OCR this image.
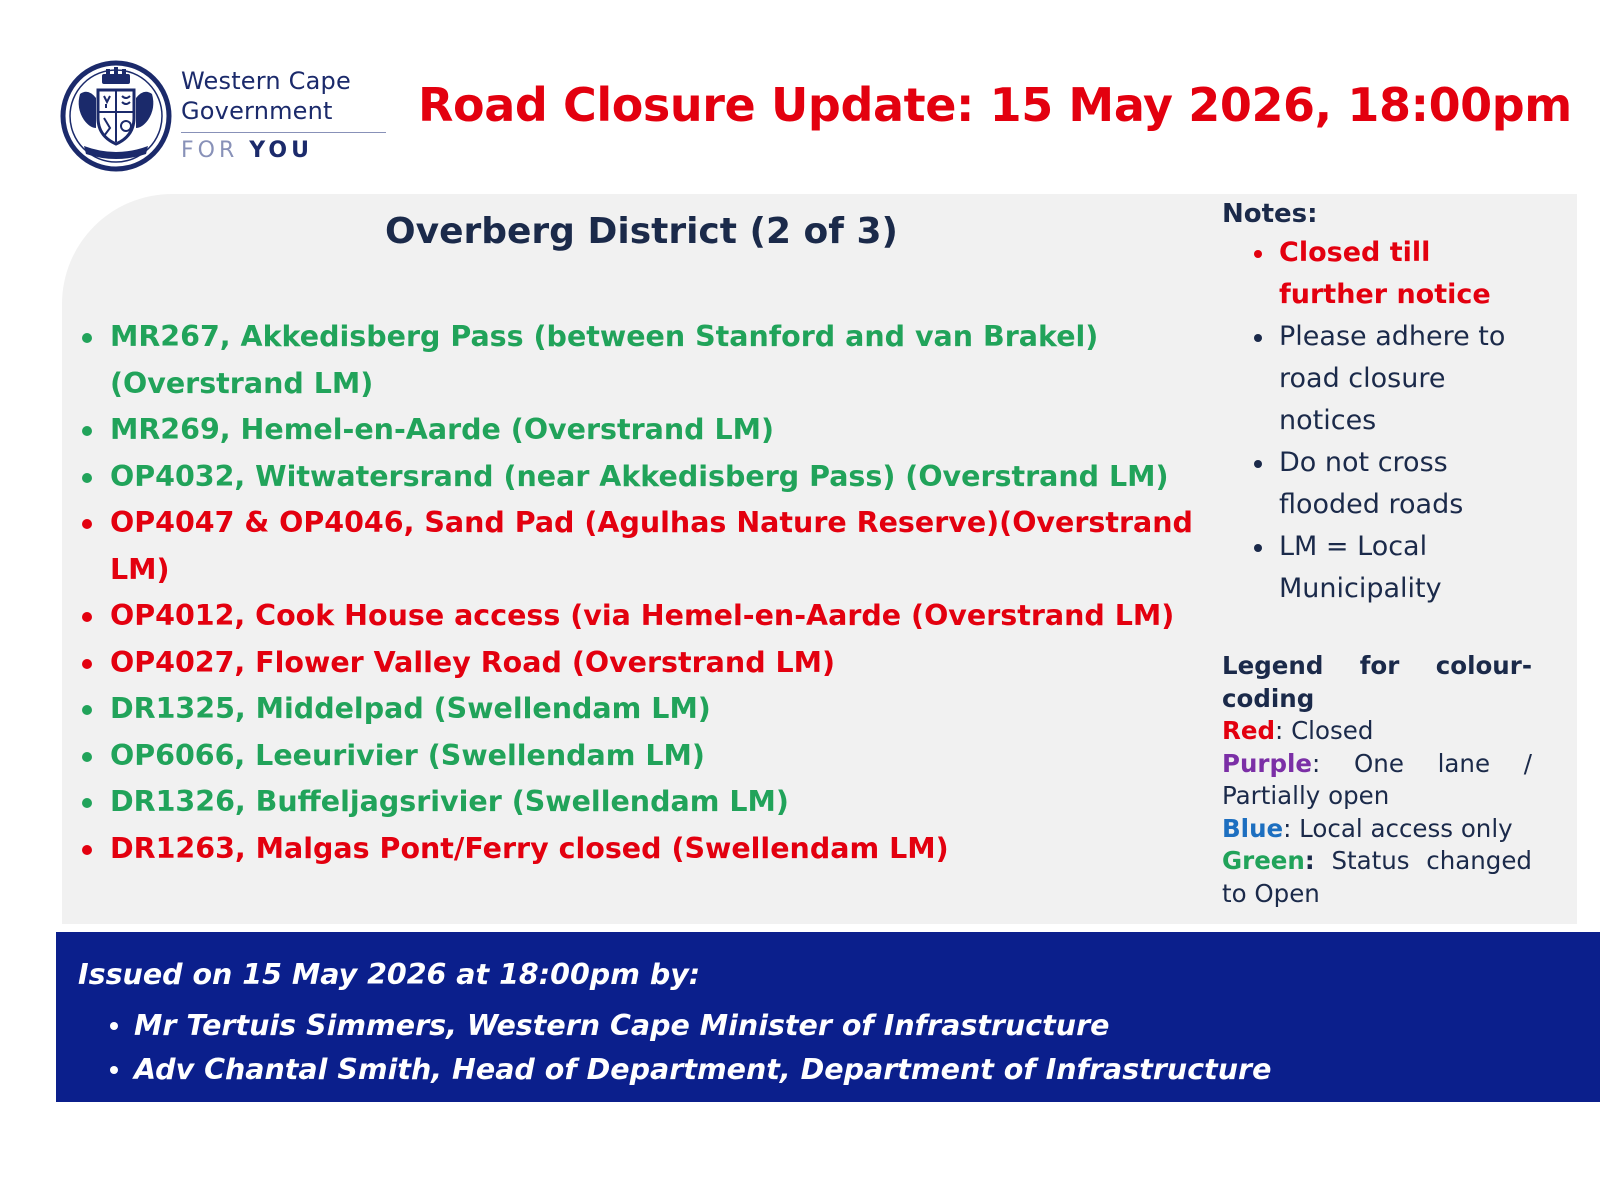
Western Cape
Government
FOR YOU
Road Closure Update: 15 May 2026, 18:00pm
Overberg District (2 of 3)
MR267, Akkedisberg Pass (between Stanford and van Brakel)(Overstrand LM)
MR269, Hemel-en-Aarde (Overstrand LM)
OP4032, Witwatersrand (near Akkedisberg Pass) (Overstrand LM)
OP4047 & OP4046, Sand Pad (Agulhas Nature Reserve)(Overstrand LM)
OP4012, Cook House access (via Hemel-en-Aarde (Overstrand LM)
OP4027, Flower Valley Road (Overstrand LM)
DR1325, Middelpad (Swellendam LM)
OP6066, Leeurivier (Swellendam LM)
DR1326, Buffeljagsrivier (Swellendam LM)
DR1263, Malgas Pont/Ferry closed (Swellendam LM)

Notes:

Closed till further notice
Please adhere to road closure notices
Do not cross flooded roads
LM = Local Municipality

Legend for colour-

coding

Red: Closed

Purple: One lane /

Partially open

Blue: Local access only

Green: Status changed

to Open

Issued on 15 May 2026 at 18:00pm by:

Mr Tertuis Simmers, Western Cape Minister of Infrastructure
Adv Chantal Smith, Head of Department, Department of Infrastructure
